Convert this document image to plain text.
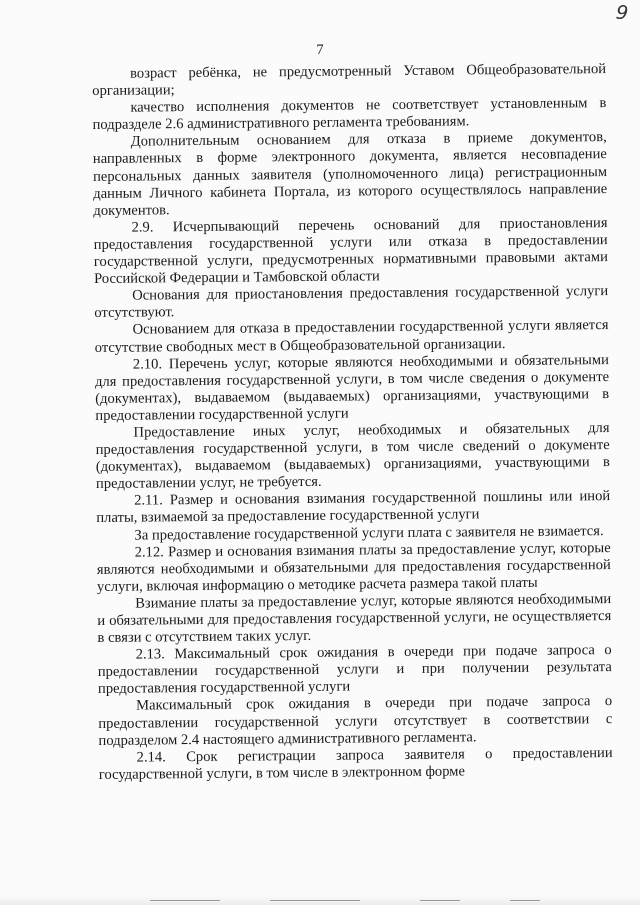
9
7

возраст ребёнка, не предусмотренный Уставом Общеобразовательной организации;

качество исполнения документов не соответствует установленным в подразделе 2.6 административного регламента требованиям.

Дополнительным основанием для отказа в приеме документов, направленных в форме электронного документа, является несовпадение персональных данных заявителя (уполномоченного лица) регистрационным данным Личного кабинета Портала, из которого осуществлялось направление документов.

2.9. Исчерпывающий перечень оснований для приостановления предоставления государственной услуги или отказа в предоставлении государственной услуги, предусмотренных нормативными правовыми актами Российской Федерации и Тамбовской области

Основания для приостановления предоставления государственной услуги отсутствуют.

Основанием для отказа в предоставлении государственной услуги является отсутствие свободных мест в Общеобразовательной организации.

2.10. Перечень услуг, которые являются необходимыми и обязательными для предоставления государственной услуги, в том числе сведения о документе (документах), выдаваемом (выдаваемых) организациями, участвующими в предоставлении государственной услуги

Предоставление иных услуг, необходимых и обязательных для предоставления государственной услуги, в том числе сведений о документе (документах), выдаваемом (выдаваемых) организациями, участвующими в предоставлении услуг, не требуется.

2.11. Размер и основания взимания государственной пошлины или иной платы, взимаемой за предоставление государственной услуги

За предоставление государственной услуги плата с заявителя не взимается.

2.12. Размер и основания взимания платы за предоставление услуг, которые являются необходимыми и обязательными для предоставления государственной услуги, включая информацию о методике расчета размера такой платы

Взимание платы за предоставление услуг, которые являются необходимыми и обязательными для предоставления государственной услуги, не осуществляется в связи с отсутствием таких услуг.

2.13. Максимальный срок ожидания в очереди при подаче запроса о предоставлении государственной услуги и при получении результата предоставления государственной услуги

Максимальный срок ожидания в очереди при подаче запроса о предоставлении государственной услуги отсутствует в соответствии с подразделом 2.4 настоящего административного регламента.

2.14. Срок регистрации запроса заявителя о предоставлении государственной услуги, в том числе в электронном форме
